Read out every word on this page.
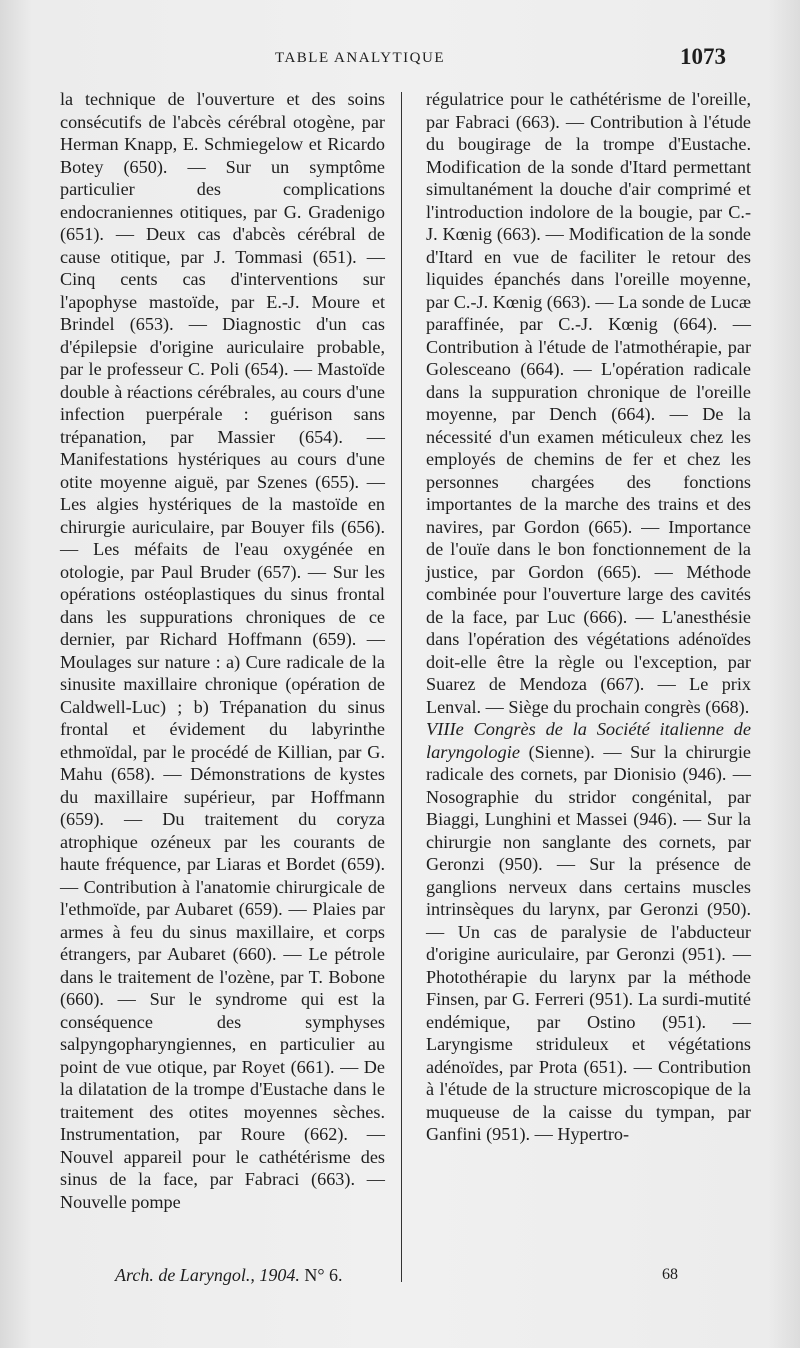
TABLE ANALYTIQUE	1073

la technique de l'ouverture et des soins consécutifs de l'abcès cérébral otogène, par Herman Knapp, E. Schmiegelow et Ricardo Botey (650). — Sur un symptôme particulier des complications endocraniennes otitiques, par G. Gradenigo (651). — Deux cas d'abcès cérébral de cause otitique, par J. Tommasi (651). — Cinq cents cas d'interventions sur l'apophyse mastoïde, par E.-J. Moure et Brindel (653). — Diagnostic d'un cas d'épilepsie d'origine auriculaire probable, par le professeur C. Poli (654). — Mastoïde double à réactions cérébrales, au cours d'une infection puerpérale : guérison sans trépanation, par Massier (654). — Manifestations hystériques au cours d'une otite moyenne aiguë, par Szenes (655). — Les algies hystériques de la mastoïde en chirurgie auriculaire, par Bouyer fils (656). — Les méfaits de l'eau oxygénée en otologie, par Paul Bruder (657). — Sur les opérations ostéoplastiques du sinus frontal dans les suppurations chroniques de ce dernier, par Richard Hoffmann (659). — Moulages sur nature : a) Cure radicale de la sinusite maxillaire chronique (opération de Caldwell-Luc) ; b) Trépanation du sinus frontal et évidement du labyrinthe ethmoïdal, par le procédé de Killian, par G. Mahu (658). — Démonstrations de kystes du maxillaire supérieur, par Hoffmann (659). — Du traitement du coryza atrophique ozéneux par les courants de haute fréquence, par Liaras et Bordet (659). — Contribution à l'anatomie chirurgicale de l'ethmoïde, par Aubaret (659). — Plaies par armes à feu du sinus maxillaire, et corps étrangers, par Aubaret (660). — Le pétrole dans le traitement de l'ozène, par T. Bobone (660). — Sur le syndrome qui est la conséquence des symphyses salpyngopharyngiennes, en particulier au point de vue otique, par Royet (661). — De la dilatation de la trompe d'Eustache dans le traitement des otites moyennes sèches. Instrumentation, par Roure (662). — Nouvel appareil pour le cathétérisme des sinus de la face, par Fabraci (663). — Nouvelle pompe

régulatrice pour le cathétérisme de l'oreille, par Fabraci (663). — Contribution à l'étude du bougirage de la trompe d'Eustache. Modification de la sonde d'Itard permettant simultanément la douche d'air comprimé et l'introduction indolore de la bougie, par C.-J. Kœnig (663). — Modification de la sonde d'Itard en vue de faciliter le retour des liquides épanchés dans l'oreille moyenne, par C.-J. Kœnig (663). — La sonde de Lucæ paraffinée, par C.-J. Kœnig (664). — Contribution à l'étude de l'atmothérapie, par Golesceano (664). — L'opération radicale dans la suppuration chronique de l'oreille moyenne, par Dench (664). — De la nécessité d'un examen méticuleux chez les employés de chemins de fer et chez les personnes chargées des fonctions importantes de la marche des trains et des navires, par Gordon (665). — Importance de l'ouïe dans le bon fonctionnement de la justice, par Gordon (665). — Méthode combinée pour l'ouverture large des cavités de la face, par Luc (666). — L'anesthésie dans l'opération des végétations adénoïdes doit-elle être la règle ou l'exception, par Suarez de Mendoza (667). — Le prix Lenval. — Siège du prochain congrès (668).

VIIIe Congrès de la Société italienne de laryngologie (Sienne). — Sur la chirurgie radicale des cornets, par Dionisio (946). — Nosographie du stridor congénital, par Biaggi, Lunghini et Massei (946). — Sur la chirurgie non sanglante des cornets, par Geronzi (950). — Sur la présence de ganglions nerveux dans certains muscles intrinsèques du larynx, par Geronzi (950). — Un cas de paralysie de l'abducteur d'origine auriculaire, par Geronzi (951). — Photothérapie du larynx par la méthode Finsen, par G. Ferreri (951). La surdi-mutité endémique, par Ostino (951). — Laryngisme striduleux et végétations adénoïdes, par Prota (651). — Contribution à l'étude de la structure microscopique de la muqueuse de la caisse du tympan, par Ganfini (951). — Hypertro-

Arch. de Laryngol., 1904. N° 6.	68
